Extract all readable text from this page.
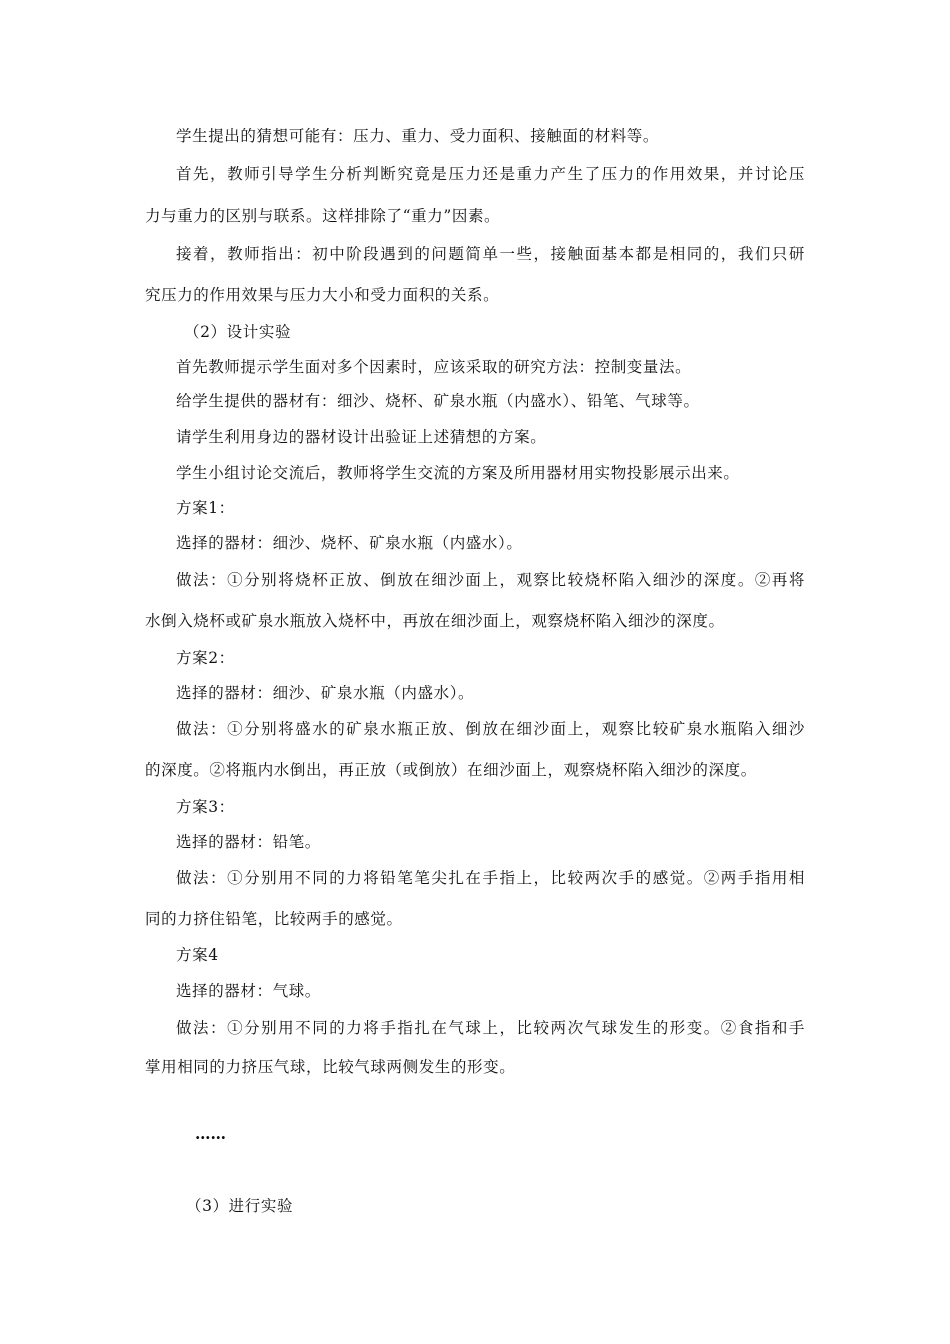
学生提出的猜想可能有：压力、重力、受力面积、接触面的材料等。
首先，教师引导学生分析判断究竟是压力还是重力产生了压力的作用效果，并讨论压
力与重力的区别与联系。这样排除了“重力”因素。
接着，教师指出：初中阶段遇到的问题简单一些，接触面基本都是相同的，我们只研
究压力的作用效果与压力大小和受力面积的关系。
（2）设计实验
首先教师提示学生面对多个因素时，应该采取的研究方法：控制变量法。
给学生提供的器材有：细沙、烧杯、矿泉水瓶（内盛水）、铅笔、气球等。
请学生利用身边的器材设计出验证上述猜想的方案。
学生小组讨论交流后，教师将学生交流的方案及所用器材用实物投影展示出来。
方案1：
选择的器材：细沙、烧杯、矿泉水瓶（内盛水）。
做法：①分别将烧杯正放、倒放在细沙面上，观察比较烧杯陷入细沙的深度。②再将
水倒入烧杯或矿泉水瓶放入烧杯中，再放在细沙面上，观察烧杯陷入细沙的深度。
方案2：
选择的器材：细沙、矿泉水瓶（内盛水）。
做法：①分别将盛水的矿泉水瓶正放、倒放在细沙面上，观察比较矿泉水瓶陷入细沙
的深度。②将瓶内水倒出，再正放（或倒放）在细沙面上，观察烧杯陷入细沙的深度。
方案3：
选择的器材：铅笔。
做法：①分别用不同的力将铅笔笔尖扎在手指上，比较两次手的感觉。②两手指用相
同的力挤住铅笔，比较两手的感觉。
方案4
选择的器材：气球。
做法：①分别用不同的力将手指扎在气球上，比较两次气球发生的形变。②食指和手
掌用相同的力挤压气球，比较气球两侧发生的形变。
……
（3）进行实验
